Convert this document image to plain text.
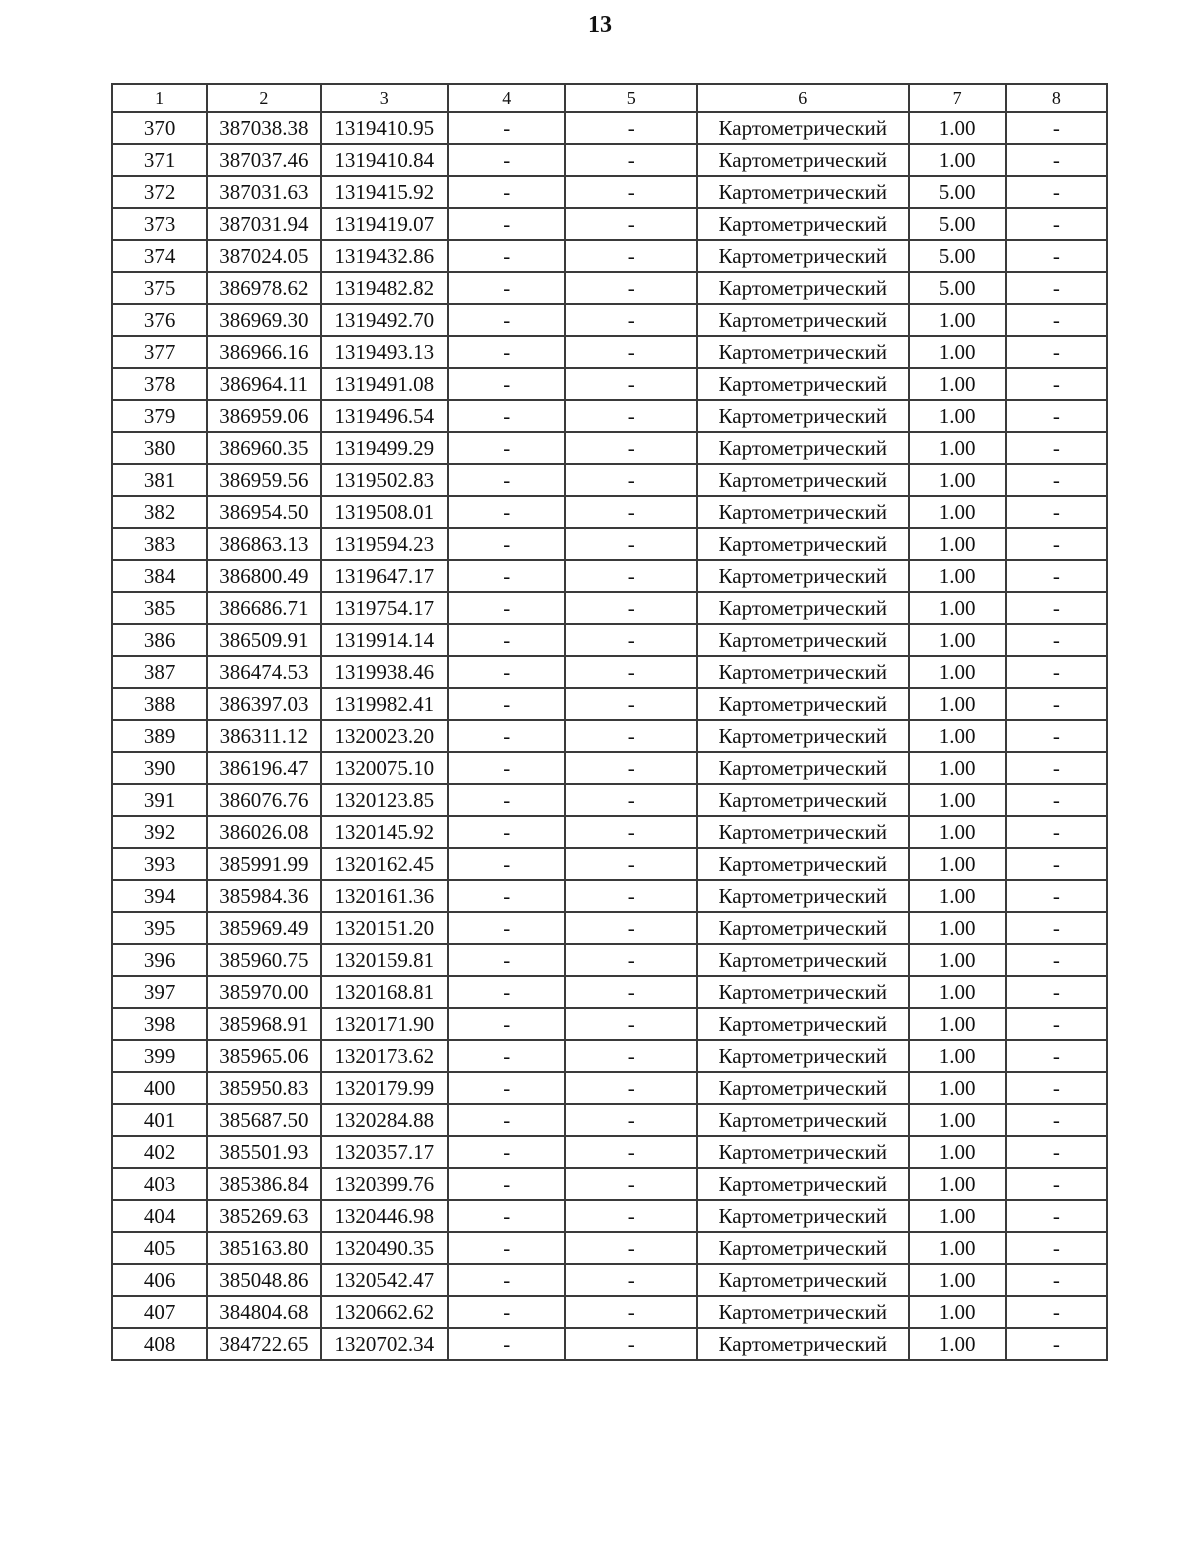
13
1	2	3	4	5	6	7	8
370	387038.38	1319410.95	-	-	Картометрический	1.00	-
371	387037.46	1319410.84	-	-	Картометрический	1.00	-
372	387031.63	1319415.92	-	-	Картометрический	5.00	-
373	387031.94	1319419.07	-	-	Картометрический	5.00	-
374	387024.05	1319432.86	-	-	Картометрический	5.00	-
375	386978.62	1319482.82	-	-	Картометрический	5.00	-
376	386969.30	1319492.70	-	-	Картометрический	1.00	-
377	386966.16	1319493.13	-	-	Картометрический	1.00	-
378	386964.11	1319491.08	-	-	Картометрический	1.00	-
379	386959.06	1319496.54	-	-	Картометрический	1.00	-
380	386960.35	1319499.29	-	-	Картометрический	1.00	-
381	386959.56	1319502.83	-	-	Картометрический	1.00	-
382	386954.50	1319508.01	-	-	Картометрический	1.00	-
383	386863.13	1319594.23	-	-	Картометрический	1.00	-
384	386800.49	1319647.17	-	-	Картометрический	1.00	-
385	386686.71	1319754.17	-	-	Картометрический	1.00	-
386	386509.91	1319914.14	-	-	Картометрический	1.00	-
387	386474.53	1319938.46	-	-	Картометрический	1.00	-
388	386397.03	1319982.41	-	-	Картометрический	1.00	-
389	386311.12	1320023.20	-	-	Картометрический	1.00	-
390	386196.47	1320075.10	-	-	Картометрический	1.00	-
391	386076.76	1320123.85	-	-	Картометрический	1.00	-
392	386026.08	1320145.92	-	-	Картометрический	1.00	-
393	385991.99	1320162.45	-	-	Картометрический	1.00	-
394	385984.36	1320161.36	-	-	Картометрический	1.00	-
395	385969.49	1320151.20	-	-	Картометрический	1.00	-
396	385960.75	1320159.81	-	-	Картометрический	1.00	-
397	385970.00	1320168.81	-	-	Картометрический	1.00	-
398	385968.91	1320171.90	-	-	Картометрический	1.00	-
399	385965.06	1320173.62	-	-	Картометрический	1.00	-
400	385950.83	1320179.99	-	-	Картометрический	1.00	-
401	385687.50	1320284.88	-	-	Картометрический	1.00	-
402	385501.93	1320357.17	-	-	Картометрический	1.00	-
403	385386.84	1320399.76	-	-	Картометрический	1.00	-
404	385269.63	1320446.98	-	-	Картометрический	1.00	-
405	385163.80	1320490.35	-	-	Картометрический	1.00	-
406	385048.86	1320542.47	-	-	Картометрический	1.00	-
407	384804.68	1320662.62	-	-	Картометрический	1.00	-
408	384722.65	1320702.34	-	-	Картометрический	1.00	-
